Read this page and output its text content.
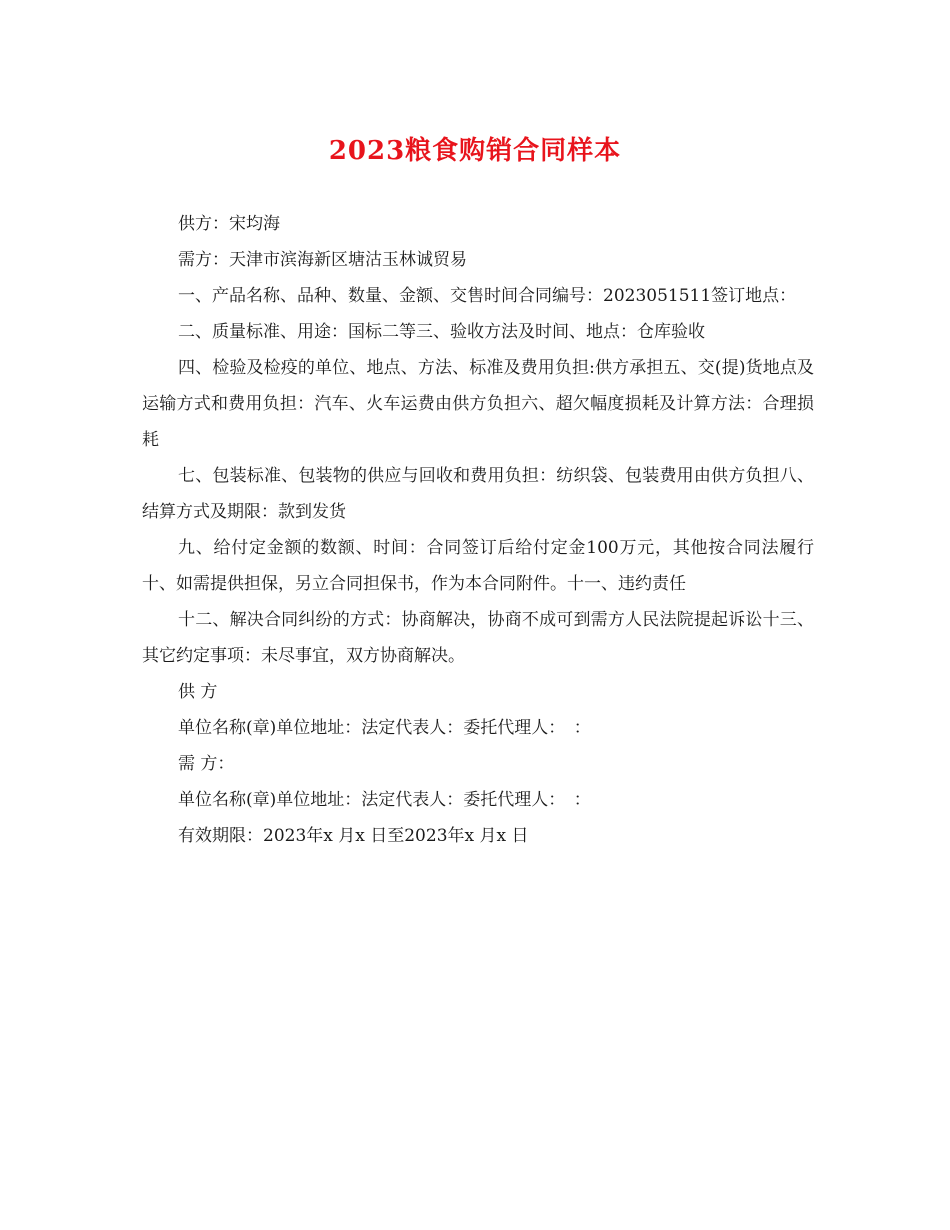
2023粮食购销合同样本

供方：宋均海

需方：天津市滨海新区塘沽玉林诚贸易

一、产品名称、品种、数量、金额、交售时间合同编号：2023051511签订地点：

二、质量标准、用途：国标二等三、验收方法及时间、地点：仓库验收

四、检验及检疫的单位、地点、方法、标准及费用负担:供方承担五、交(提)货地点及运输方式和费用负担：汽车、火车运费由供方负担六、超欠幅度损耗及计算方法：合理损耗

七、包装标准、包装物的供应与回收和费用负担：纺织袋、包装费用由供方负担八、结算方式及期限：款到发货

九、给付定金额的数额、时间：合同签订后给付定金100万元，其他按合同法履行十、如需提供担保，另立合同担保书，作为本合同附件。十一、违约责任

十二、解决合同纠纷的方式：协商解决，协商不成可到需方人民法院提起诉讼十三、其它约定事项：未尽事宜，双方协商解决。

供 方

单位名称(章)单位地址：法定代表人：委托代理人：　：

需 方：

单位名称(章)单位地址：法定代表人：委托代理人：　：

有效期限：2023年x 月x 日至2023年x 月x 日
